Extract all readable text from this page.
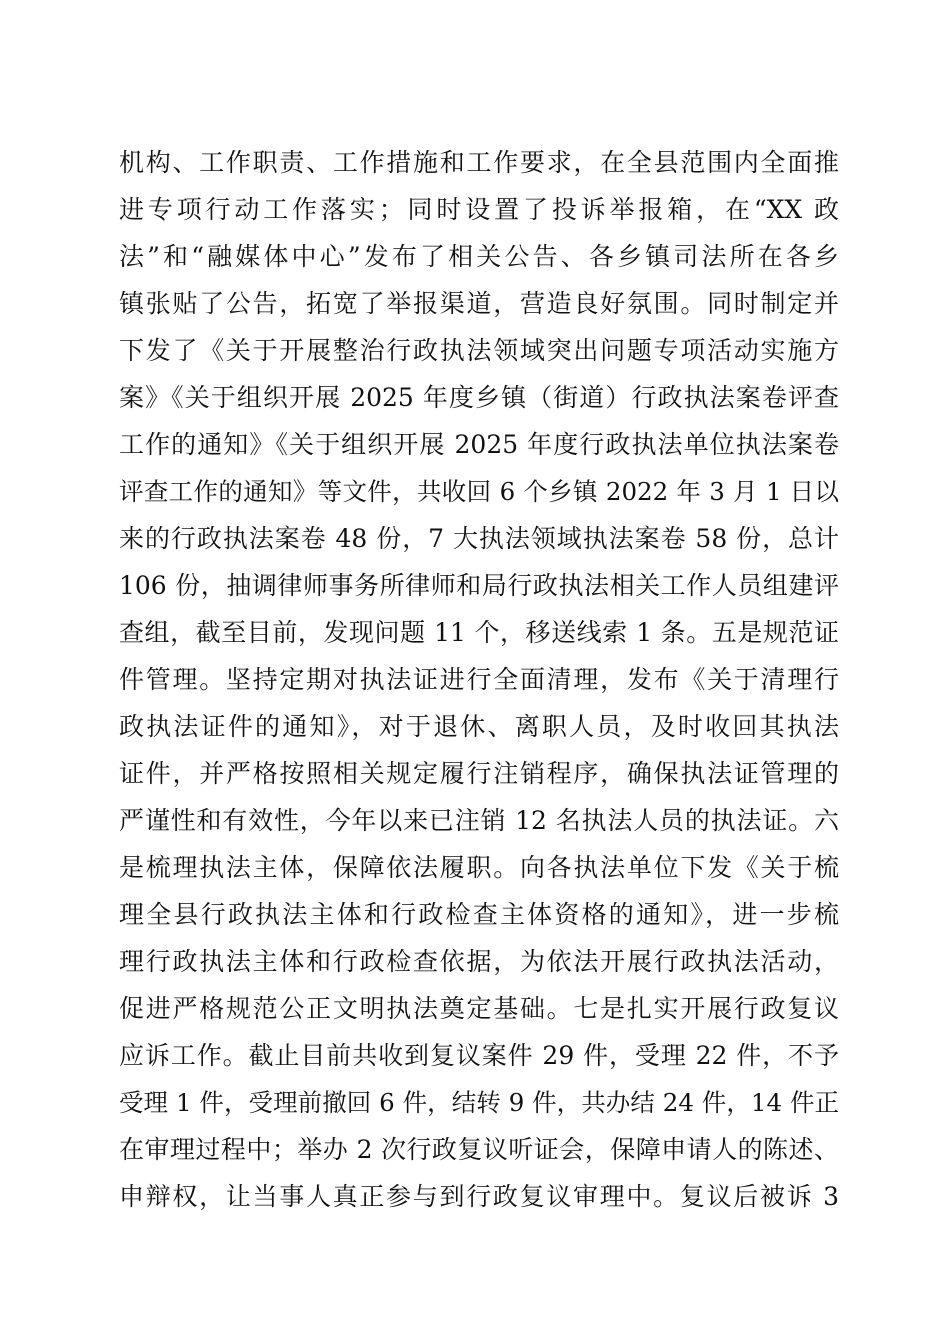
机构、工作职责、工作措施和工作要求，在全县范围内全面推
进专项行动工作落实；同时设置了投诉举报箱，在“XX 政
法”和“融媒体中心”发布了相关公告、各乡镇司法所在各乡
镇张贴了公告，拓宽了举报渠道，营造良好氛围。同时制定并
下发了《关于开展整治行政执法领域突出问题专项活动实施方
案》《关于组织开展 2025 年度乡镇（街道）行政执法案卷评查
工作的通知》《关于组织开展 2025 年度行政执法单位执法案卷
评查工作的通知》等文件，共收回 6 个乡镇 2022 年 3 月 1 日以
来的行政执法案卷 48 份，7 大执法领域执法案卷 58 份，总计
106 份，抽调律师事务所律师和局行政执法相关工作人员组建评
查组，截至目前，发现问题 11 个，移送线索 1 条。五是规范证
件管理。坚持定期对执法证进行全面清理，发布《关于清理行
政执法证件的通知》，对于退休、离职人员，及时收回其执法
证件，并严格按照相关规定履行注销程序，确保执法证管理的
严谨性和有效性，今年以来已注销 12 名执法人员的执法证。六
是梳理执法主体，保障依法履职。向各执法单位下发《关于梳
理全县行政执法主体和行政检查主体资格的通知》，进一步梳
理行政执法主体和行政检查依据，为依法开展行政执法活动，
促进严格规范公正文明执法奠定基础。七是扎实开展行政复议
应诉工作。截止目前共收到复议案件 29 件，受理 22 件，不予
受理 1 件，受理前撤回 6 件，结转 9 件，共办结 24 件，14 件正
在审理过程中；举办 2 次行政复议听证会，保障申请人的陈述、
申辩权，让当事人真正参与到行政复议审理中。复议后被诉 3
